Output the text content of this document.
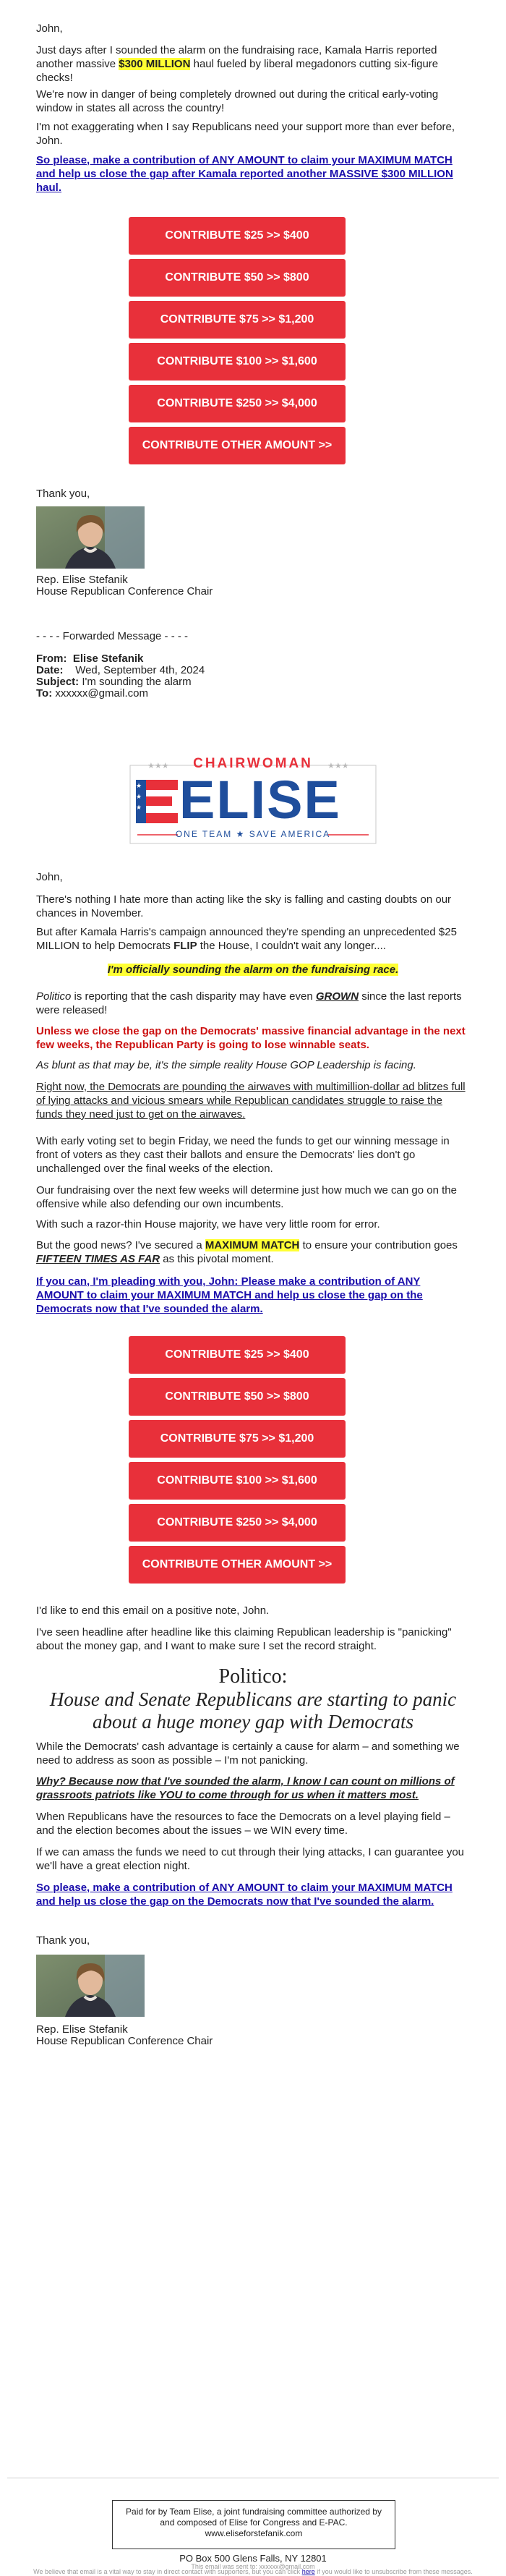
John,

Just days after I sounded the alarm on the fundraising race, Kamala Harris reported another massive $300 MILLION haul fueled by liberal megadonors cutting six-figure checks!

We're now in danger of being completely drowned out during the critical early-voting window in states all across the country!

I'm not exaggerating when I say Republicans need your support more than ever before, John.

So please, make a contribution of ANY AMOUNT to claim your MAXIMUM MATCH and help us close the gap after Kamala reported another MASSIVE $300 MILLION haul.

CONTRIBUTE $25 >> $400
CONTRIBUTE $50 >> $800
CONTRIBUTE $75 >> $1,200
CONTRIBUTE $100 >> $1,600
CONTRIBUTE $250 >> $4,000
CONTRIBUTE OTHER AMOUNT >>

Thank you,

Rep. Elise Stefanik

House Republican Conference Chair

- - - - Forwarded Message - - - -

From: Elise Stefanik
Date: Wed, September 4th, 2024
Subject: I'm sounding the alarm
To: xxxxxx@gmail.com
★★★	★★★
★
★
★
CHAIRWOMAN
ELISE
ONE TEAM ★ SAVE AMERICA

John,

There's nothing I hate more than acting like the sky is falling and casting doubts on our chances in November.

But after Kamala Harris's campaign announced they're spending an unprecedented $25 MILLION to help Democrats FLIP the House, I couldn't wait any longer....

I'm officially sounding the alarm on the fundraising race.

Politico is reporting that the cash disparity may have even GROWN since the last reports were released!

Unless we close the gap on the Democrats' massive financial advantage in the next few weeks, the Republican Party is going to lose winnable seats.

As blunt as that may be, it's the simple reality House GOP Leadership is facing.

Right now, the Democrats are pounding the airwaves with multimillion-dollar ad blitzes full of lying attacks and vicious smears while Republican candidates struggle to raise the funds they need just to get on the airwaves.

With early voting set to begin Friday, we need the funds to get our winning message in front of voters as they cast their ballots and ensure the Democrats' lies don't go unchallenged over the final weeks of the election.

Our fundraising over the next few weeks will determine just how much we can go on the offensive while also defending our own incumbents.

With such a razor-thin House majority, we have very little room for error.

But the good news? I've secured a MAXIMUM MATCH to ensure your contribution goes FIFTEEN TIMES AS FAR as this pivotal moment.

If you can, I'm pleading with you, John: Please make a contribution of ANY AMOUNT to claim your MAXIMUM MATCH and help us close the gap on the Democrats now that I've sounded the alarm.

CONTRIBUTE $25 >> $400
CONTRIBUTE $50 >> $800
CONTRIBUTE $75 >> $1,200
CONTRIBUTE $100 >> $1,600
CONTRIBUTE $250 >> $4,000
CONTRIBUTE OTHER AMOUNT >>

I'd like to end this email on a positive note, John.

I've seen headline after headline like this claiming Republican leadership is "panicking" about the money gap, and I want to make sure I set the record straight.

Politico:
House and Senate Republicans are starting to panic about a huge money gap with Democrats

While the Democrats' cash advantage is certainly a cause for alarm – and something we need to address as soon as possible – I'm not panicking.

Why? Because now that I've sounded the alarm, I know I can count on millions of grassroots patriots like YOU to come through for us when it matters most.

When Republicans have the resources to face the Democrats on a level playing field – and the election becomes about the issues – we WIN every time.

If we can amass the funds we need to cut through their lying attacks, I can guarantee you we'll have a great election night.

So please, make a contribution of ANY AMOUNT to claim your MAXIMUM MATCH and help us close the gap on the Democrats now that I've sounded the alarm.

Thank you,

Rep. Elise Stefanik

House Republican Conference Chair

Paid for by Team Elise, a joint fundraising committee authorized by and composed of Elise for Congress and E-PAC. www.eliseforstefanik.com
PO Box 500 Glens Falls, NY 12801
This email was sent to: xxxxxx@gmail.com
We believe that email is a vital way to stay in direct contact with supporters, but you can click here if you would like to unsubscribe from these messages.
